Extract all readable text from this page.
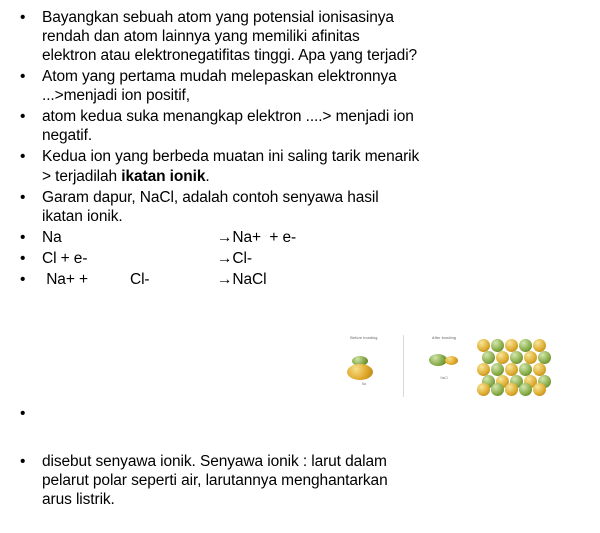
• Bayangkan sebuah atom yang potensial ionisasinya
rendah dan atom lainnya yang memiliki afinitas
elektron atau elektronegatifitas tinggi. Apa yang terjadi?
• Atom yang pertama mudah melepaskan elektronnya
...>menjadi ion positif,
• atom kedua suka menangkap elektron ....> menjadi ion
negatif.
• Kedua ion yang berbeda muatan ini saling tarik menarik
> terjadilah ikatan ionik.
• Garam dapur, NaCl, adalah contoh senyawa hasil
ikatan ionik.
• Na	→Na+  + e-
• Cl + e-	→Cl-
• Na+ +          Cl-	→NaCl
Before bonding
Na
After bonding
NaCl
•
• disebut senyawa ionik. Senyawa ionik : larut dalam
pelarut polar seperti air, larutannya menghantarkan
arus listrik.
